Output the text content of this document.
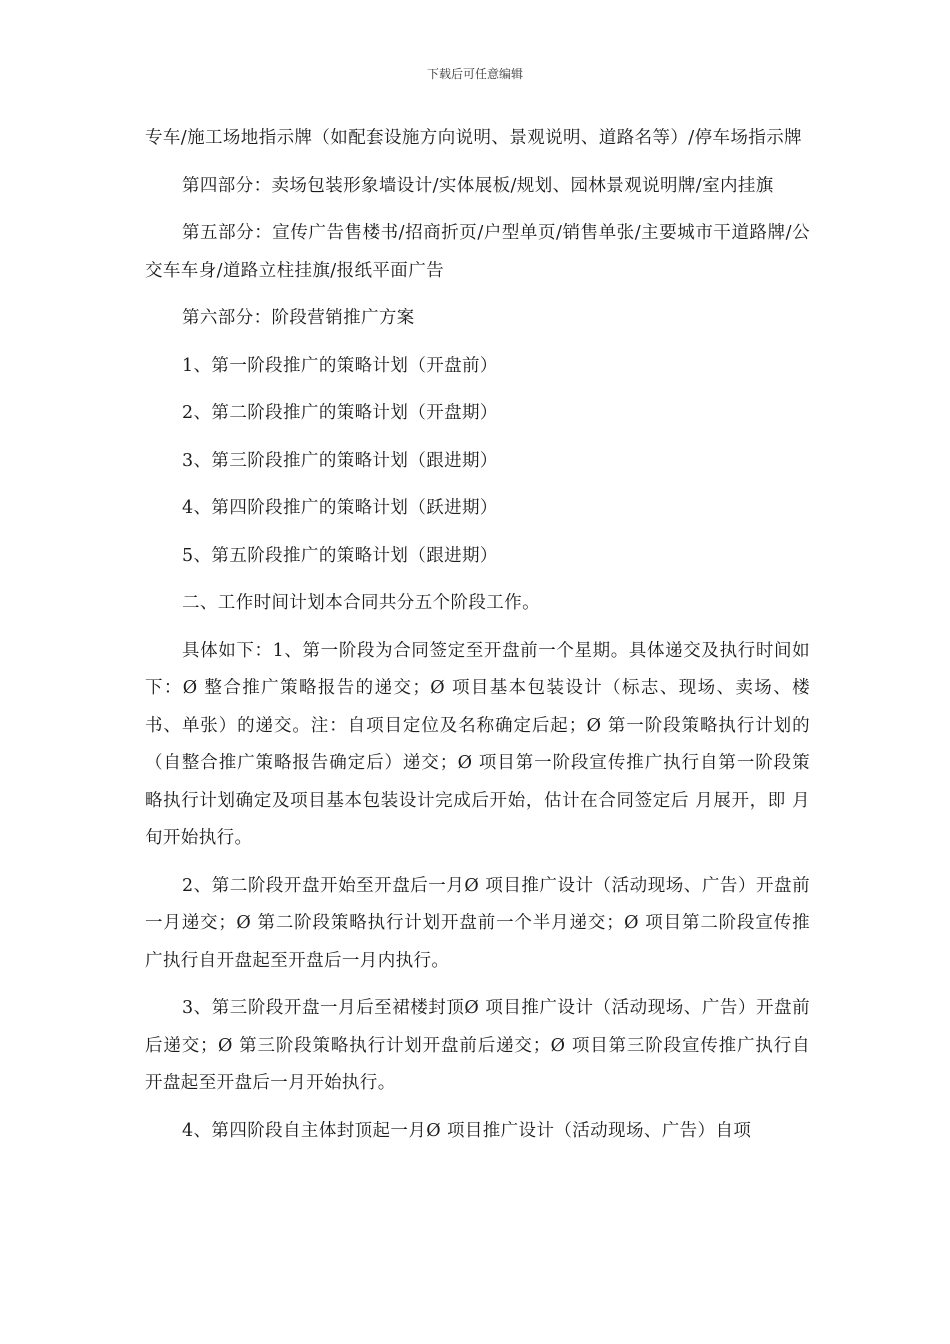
下载后可任意编辑

专车/施工场地指示牌（如配套设施方向说明、景观说明、道路名等）/停车场指示牌

第四部分：卖场包装形象墙设计/实体展板/规划、园林景观说明牌/室内挂旗

第五部分：宣传广告售楼书/招商折页/户型单页/销售单张/主要城市干道路牌/公交车车身/道路立柱挂旗/报纸平面广告

第六部分：阶段营销推广方案

1、第一阶段推广的策略计划（开盘前）

2、第二阶段推广的策略计划（开盘期）

3、第三阶段推广的策略计划（跟进期）

4、第四阶段推广的策略计划（跃进期）

5、第五阶段推广的策略计划（跟进期）

二、工作时间计划本合同共分五个阶段工作。

具体如下：1、第一阶段为合同签定至开盘前一个星期。具体递交及执行时间如下：Ø 整合推广策略报告的递交；Ø 项目基本包装设计（标志、现场、卖场、楼书、单张）的递交。注：自项目定位及名称确定后起；Ø 第一阶段策略执行计划的（自整合推广策略报告确定后）递交；Ø 项目第一阶段宣传推广执行自第一阶段策略执行计划确定及项目基本包装设计完成后开始，估计在合同签定后 月展开，即 月 旬开始执行。

2、第二阶段开盘开始至开盘后一月Ø 项目推广设计（活动现场、广告）开盘前一月递交；Ø 第二阶段策略执行计划开盘前一个半月递交；Ø 项目第二阶段宣传推广执行自开盘起至开盘后一月内执行。

3、第三阶段开盘一月后至裙楼封顶Ø 项目推广设计（活动现场、广告）开盘前后递交；Ø 第三阶段策略执行计划开盘前后递交；Ø 项目第三阶段宣传推广执行自开盘起至开盘后一月开始执行。

4、第四阶段自主体封顶起一月Ø 项目推广设计（活动现场、广告）自项
